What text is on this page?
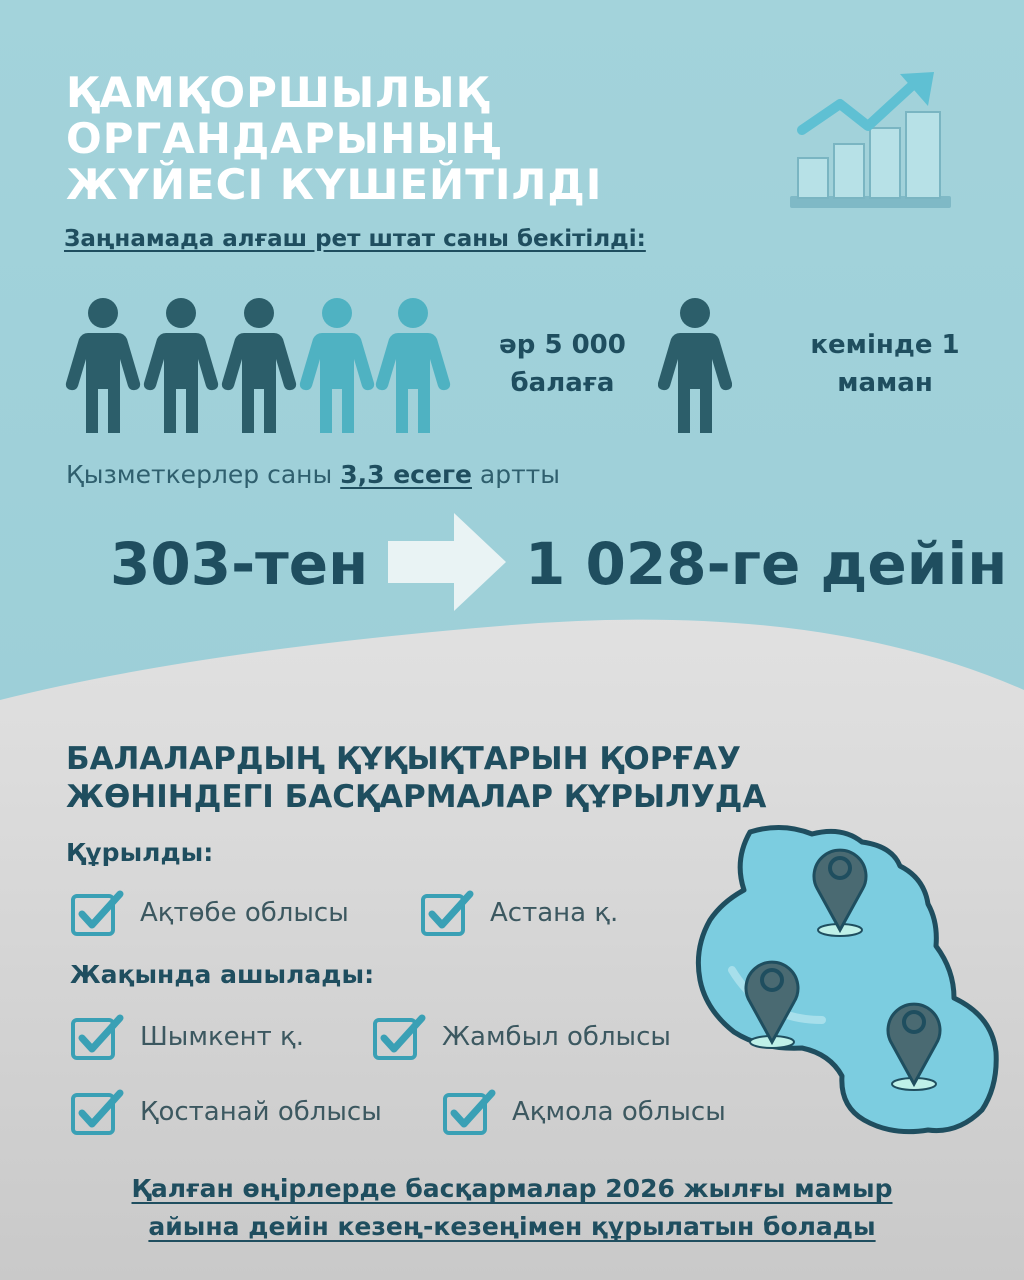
ҚАМҚОРШЫЛЫҚ
ОРГАНДАРЫНЫҢ
ЖҮЙЕСІ КҮШЕЙТІЛДІ
Заңнамада алғаш рет штат саны бекітілді:
әр 5 000
балаға
кемінде 1
маман
Қызметкерлер саны 3,3 есеге артты
303-тен	1 028-ге дейін
БАЛАЛАРДЫҢ ҚҰҚЫҚТАРЫН ҚОРҒАУ
ЖӨНІНДЕГІ БАСҚАРМАЛАР ҚҰРЫЛУДА
Құрылды:
Ақтөбе облысы	Астана қ.
Жақында ашылады:
Шымкент қ.	Жамбыл облысы
Қостанай облысы	Ақмола облысы
Қалған өңірлерде басқармалар 2026 жылғы мамыр
айына дейін кезең-кезеңімен құрылатын болады
